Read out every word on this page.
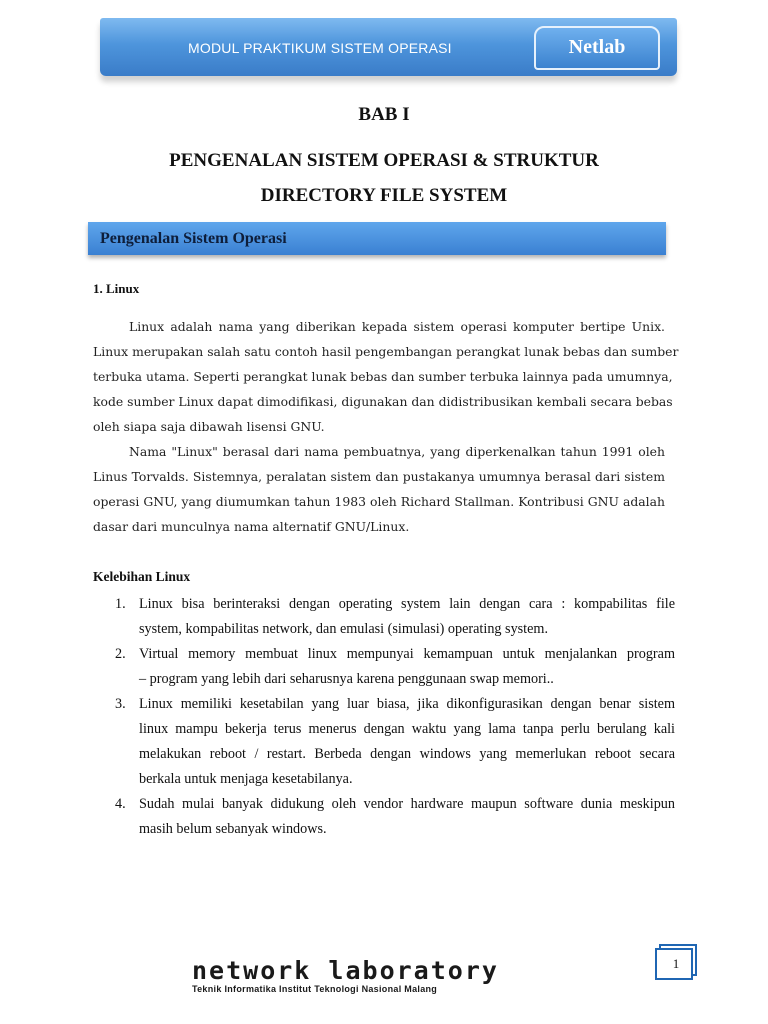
MODUL PRAKTIKUM SISTEM OPERASI	Netlab
BAB I
PENGENALAN SISTEM OPERASI & STRUKTUR
DIRECTORY FILE SYSTEM
Pengenalan Sistem Operasi
1. Linux
Linux adalah nama yang diberikan kepada sistem operasi komputer bertipe Unix.
Linux merupakan salah satu contoh hasil pengembangan perangkat lunak bebas dan sumber
terbuka utama. Seperti perangkat lunak bebas dan sumber terbuka lainnya pada umumnya,
kode sumber Linux dapat dimodifikasi, digunakan dan didistribusikan kembali secara bebas
oleh siapa saja dibawah lisensi GNU.
Nama "Linux" berasal dari nama pembuatnya, yang diperkenalkan tahun 1991 oleh
Linus Torvalds. Sistemnya, peralatan sistem dan pustakanya umumnya berasal dari sistem
operasi GNU, yang diumumkan tahun 1983 oleh Richard Stallman. Kontribusi GNU adalah
dasar dari munculnya nama alternatif GNU/Linux.
Kelebihan Linux
1. Linux bisa berinteraksi dengan operating system lain dengan cara : kompabilitas file
system, kompabilitas network, dan emulasi (simulasi) operating system.
2. Virtual memory membuat linux mempunyai kemampuan untuk menjalankan program
– program yang lebih dari seharusnya karena penggunaan swap memori..
3. Linux memiliki kesetabilan yang luar biasa, jika dikonfigurasikan dengan benar sistem
linux mampu bekerja terus menerus dengan waktu yang lama tanpa perlu berulang kali
melakukan reboot / restart. Berbeda dengan windows yang memerlukan reboot secara
berkala untuk menjaga kesetabilanya.
4. Sudah mulai banyak didukung oleh vendor hardware maupun software dunia meskipun
masih belum sebanyak windows.
network laboratory
Teknik Informatika Institut Teknologi Nasional Malang
1
